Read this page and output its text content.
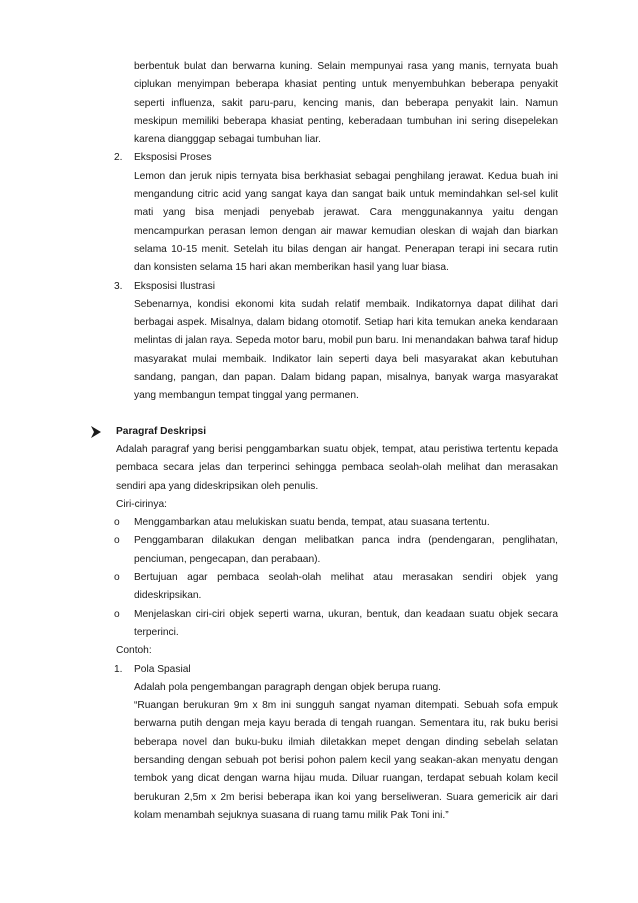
berbentuk bulat dan berwarna kuning. Selain mempunyai rasa yang manis, ternyata buah ciplukan menyimpan beberapa khasiat penting untuk menyembuhkan beberapa penyakit seperti influenza, sakit paru-paru, kencing manis, dan beberapa penyakit lain. Namun meskipun memiliki beberapa khasiat penting, keberadaan tumbuhan ini sering disepelekan karena diangggap sebagai tumbuhan liar.

2. Eksposisi Proses

Lemon dan jeruk nipis ternyata bisa berkhasiat sebagai penghilang jerawat. Kedua buah ini mengandung citric acid yang sangat kaya dan sangat baik untuk memindahkan sel-sel kulit mati yang bisa menjadi penyebab jerawat. Cara menggunakannya yaitu dengan mencampurkan perasan lemon dengan air mawar kemudian oleskan di wajah dan biarkan selama 10-15 menit. Setelah itu bilas dengan air hangat. Penerapan terapi ini secara rutin dan konsisten selama 15 hari akan memberikan hasil yang luar biasa.

3. Eksposisi Ilustrasi

Sebenarnya, kondisi ekonomi kita sudah relatif membaik. Indikatornya dapat dilihat dari berbagai aspek. Misalnya, dalam bidang otomotif. Setiap hari kita temukan aneka kendaraan melintas di jalan raya. Sepeda motor baru, mobil pun baru. Ini menandakan bahwa taraf hidup masyarakat mulai membaik. Indikator lain seperti daya beli masyarakat akan kebutuhan sandang, pangan, dan papan. Dalam bidang papan, misalnya, banyak warga masyarakat yang membangun tempat tinggal yang permanen.

Paragraf Deskripsi

Adalah paragraf yang berisi penggambarkan suatu objek, tempat, atau peristiwa tertentu kepada pembaca secara jelas dan terperinci sehingga pembaca seolah-olah melihat dan merasakan sendiri apa yang dideskripsikan oleh penulis.

Ciri-cirinya:

o Menggambarkan atau melukiskan suatu benda, tempat, atau suasana tertentu.

o Penggambaran dilakukan dengan melibatkan panca indra (pendengaran, penglihatan, penciuman, pengecapan, dan perabaan).

o Bertujuan agar pembaca seolah-olah melihat atau merasakan sendiri objek yang dideskripsikan.

o Menjelaskan ciri-ciri objek seperti warna, ukuran, bentuk, dan keadaan suatu objek secara terperinci.

Contoh:

1. Pola Spasial

Adalah pola pengembangan paragraph dengan objek berupa ruang.

“Ruangan berukuran 9m x 8m ini sungguh sangat nyaman ditempati. Sebuah sofa empuk berwarna putih dengan meja kayu berada di tengah ruangan. Sementara itu, rak buku berisi beberapa novel dan buku-buku ilmiah diletakkan mepet dengan dinding sebelah selatan bersanding dengan sebuah pot berisi pohon palem kecil yang seakan-akan menyatu dengan tembok yang dicat dengan warna hijau muda. Diluar ruangan, terdapat sebuah kolam kecil berukuran 2,5m x 2m berisi beberapa ikan koi yang berseliweran. Suara gemericik air dari kolam menambah sejuknya suasana di ruang tamu milik Pak Toni ini.”
